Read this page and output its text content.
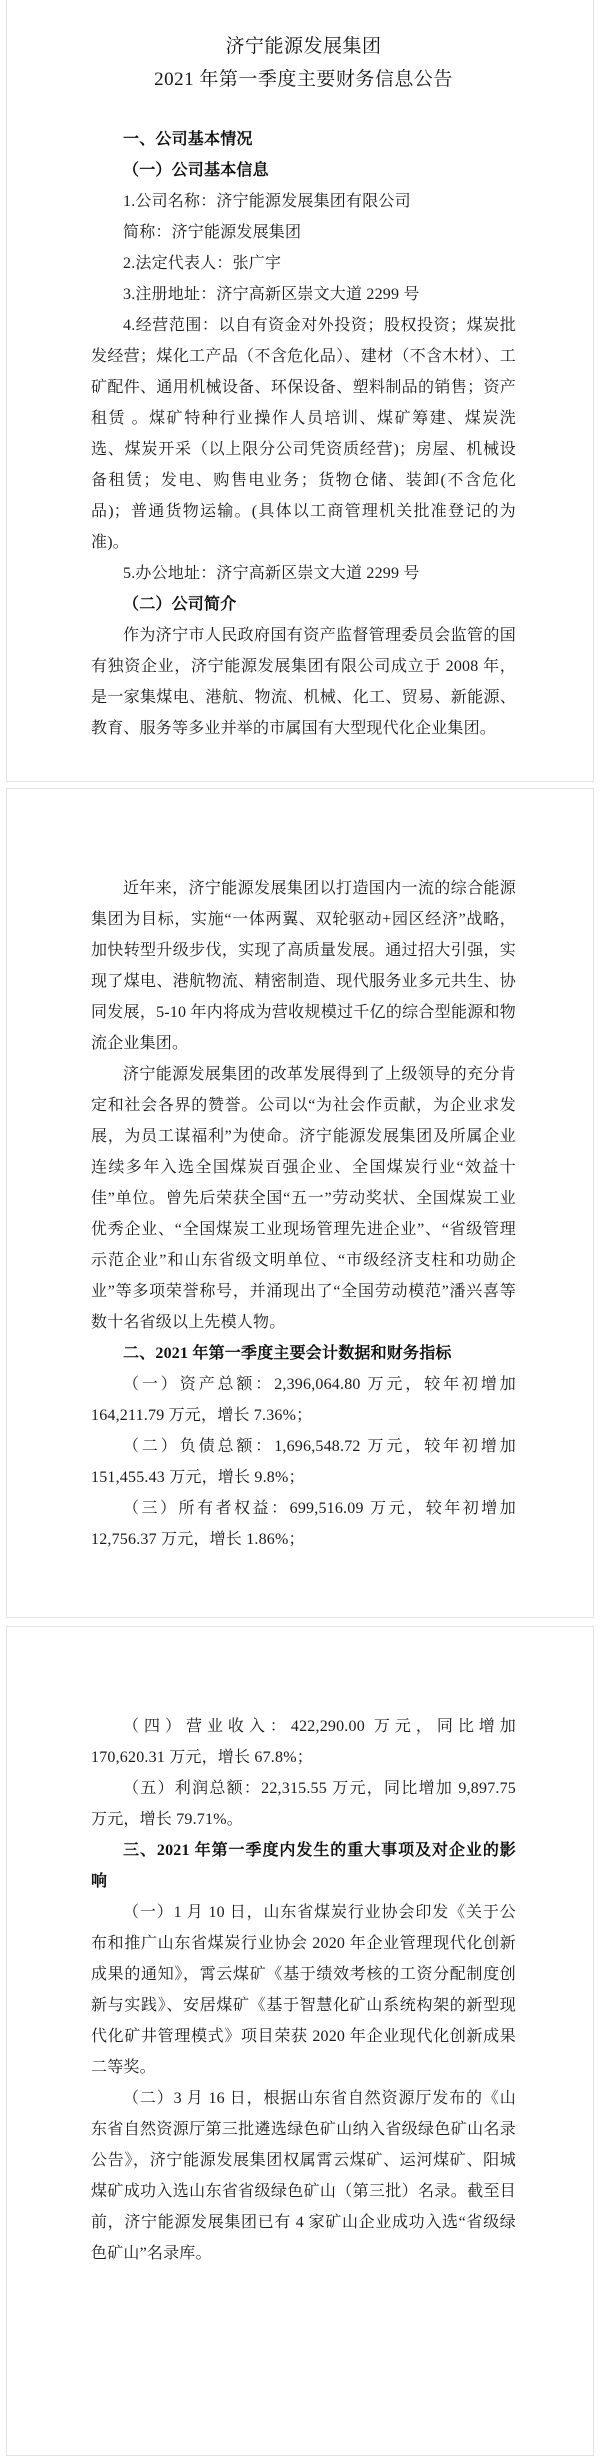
济宁能源发展集团
2021 年第一季度主要财务信息公告
一、公司基本情况
（一）公司基本信息
1.公司名称：济宁能源发展集团有限公司
简称：济宁能源发展集团
2.法定代表人：张广宇
3.注册地址：济宁高新区崇文大道 2299 号
4.经营范围：以自有资金对外投资；股权投资；煤炭批发经营；煤化工产品（不含危化品）、建材（不含木材）、工矿配件、通用机械设备、环保设备、塑料制品的销售；资产租赁 。煤矿特种行业操作人员培训、煤矿筹建、煤炭洗选、煤炭开采（以上限分公司凭资质经营)；房屋、机械设备租赁；发电、购售电业务；货物仓储、装卸(不含危化品)；普通货物运输。(具体以工商管理机关批准登记的为准)。
5.办公地址：济宁高新区崇文大道 2299 号
（二）公司简介
作为济宁市人民政府国有资产监督管理委员会监管的国有独资企业，济宁能源发展集团有限公司成立于 2008 年，是一家集煤电、港航、物流、机械、化工、贸易、新能源、教育、服务等多业并举的市属国有大型现代化企业集团。
近年来，济宁能源发展集团以打造国内一流的综合能源集团为目标，实施“一体两翼、双轮驱动+园区经济”战略，加快转型升级步伐，实现了高质量发展。通过招大引强，实现了煤电、港航物流、精密制造、现代服务业多元共生、协同发展，5-10 年内将成为营收规模过千亿的综合型能源和物流企业集团。
济宁能源发展集团的改革发展得到了上级领导的充分肯定和社会各界的赞誉。公司以“为社会作贡献，为企业求发展，为员工谋福利”为使命。济宁能源发展集团及所属企业连续多年入选全国煤炭百强企业、全国煤炭行业“效益十佳”单位。曾先后荣获全国“五一”劳动奖状、全国煤炭工业优秀企业、“全国煤炭工业现场管理先进企业”、“省级管理示范企业”和山东省级文明单位、“市级经济支柱和功勋企业”等多项荣誉称号，并涌现出了“全国劳动模范”潘兴喜等数十名省级以上先模人物。
二、2021 年第一季度主要会计数据和财务指标
（一）资产总额：2,396,064.80 万元，较年初增加 164,211.79 万元，增长 7.36%；
（二）负债总额：1,696,548.72 万元，较年初增加 151,455.43 万元，增长 9.8%；
（三）所有者权益：699,516.09 万元，较年初增加 12,756.37 万元，增长 1.86%；
（四）营业收入：422,290.00 万元，同比增加 170,620.31 万元，增长 67.8%；
（五）利润总额：22,315.55 万元，同比增加 9,897.75 万元，增长 79.71%。
三、2021 年第一季度内发生的重大事项及对企业的影响
（一）1 月 10 日，山东省煤炭行业协会印发《关于公布和推广山东省煤炭行业协会 2020 年企业管理现代化创新成果的通知》，霄云煤矿《基于绩效考核的工资分配制度创新与实践》、安居煤矿《基于智慧化矿山系统构架的新型现代化矿井管理模式》项目荣获 2020 年企业现代化创新成果二等奖。
（二）3 月 16 日，根据山东省自然资源厅发布的《山东省自然资源厅第三批遴选绿色矿山纳入省级绿色矿山名录公告》，济宁能源发展集团权属霄云煤矿、运河煤矿、阳城煤矿成功入选山东省省级绿色矿山（第三批）名录。截至目前，济宁能源发展集团已有 4 家矿山企业成功入选“省级绿色矿山”名录库。
